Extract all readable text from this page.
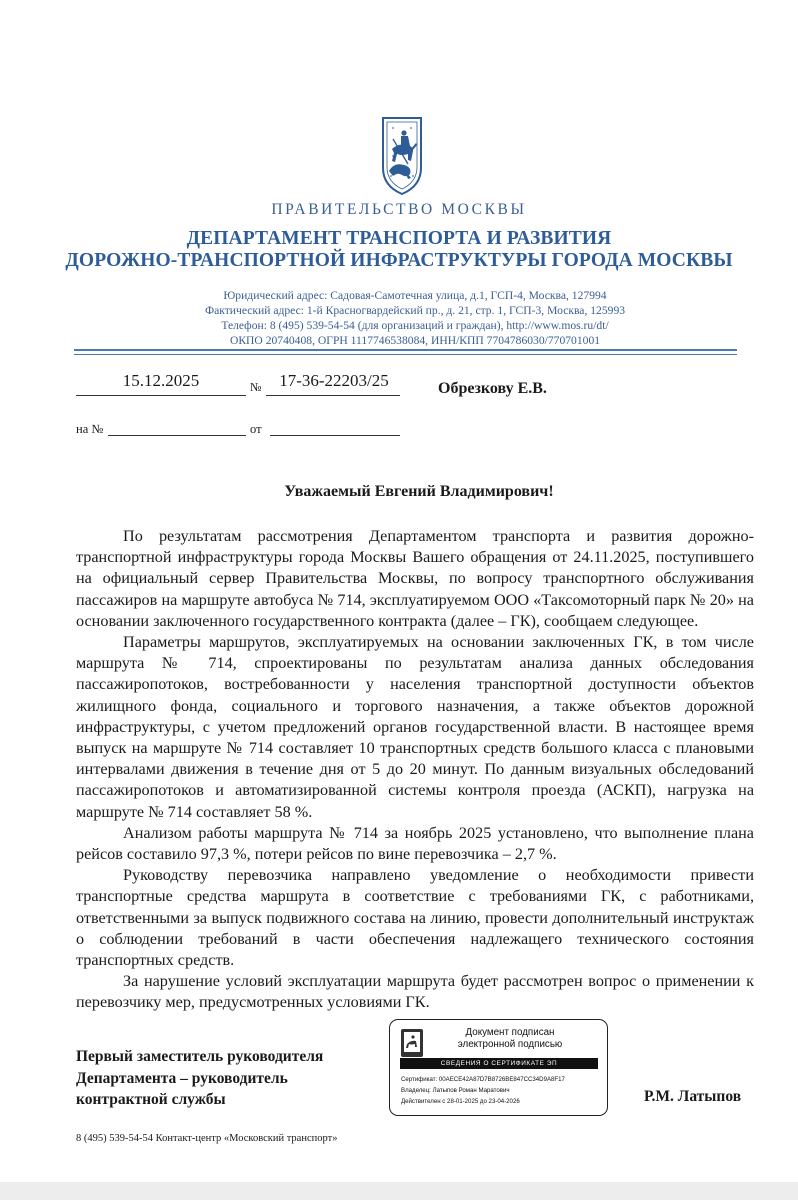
ПРАВИТЕЛЬСТВО МОСКВЫ
ДЕПАРТАМЕНТ ТРАНСПОРТА И РАЗВИТИЯ
ДОРОЖНО-ТРАНСПОРТНОЙ ИНФРАСТРУКТУРЫ ГОРОДА МОСКВЫ
Юридический адрес: Садовая-Самотечная улица, д.1, ГСП-4, Москва, 127994
Фактический адрес: 1-й Красногвардейский пр., д. 21, стр. 1, ГСП-3, Москва, 125993
Телефон: 8 (495) 539-54-54 (для организаций и граждан), http://www.mos.ru/dt/
ОКПО 20740408, ОГРН 1117746538084, ИНН/КПП 7704786030/770701001
15.12.2025	№	17-36-22203/25	Обрезкову Е.В.
на №	от
Уважаемый Евгений Владимирович!

По результатам рассмотрения Департаментом транспорта и развития дорожно-транспортной инфраструктуры города Москвы Вашего обращения от 24.11.2025, поступившего на официальный сервер Правительства Москвы, по вопросу транспортного обслуживания пассажиров на маршруте автобуса № 714, эксплуатируемом ООО «Таксомоторный парк № 20» на основании заключенного государственного контракта (далее – ГК), сообщаем следующее.

Параметры маршрутов, эксплуатируемых на основании заключенных ГК, в том числе маршрута № 714, спроектированы по результатам анализа данных обследования пассажиропотоков, востребованности у населения транспортной доступности объектов жилищного фонда, социального и торгового назначения, а также объектов дорожной инфраструктуры, с учетом предложений органов государственной власти. В настоящее время выпуск на маршруте № 714 составляет 10 транспортных средств большого класса с плановыми интервалами движения в течение дня от 5 до 20 минут. По данным визуальных обследований пассажиропотоков и автоматизированной системы контроля проезда (АСКП), нагрузка на маршруте № 714 составляет 58 %.

Анализом работы маршрута № 714 за ноябрь 2025 установлено, что выполнение плана рейсов составило 97,3 %, потери рейсов по вине перевозчика – 2,7 %.

Руководству перевозчика направлено уведомление о необходимости привести транспортные средства маршрута в соответствие с требованиями ГК, с работниками, ответственными за выпуск подвижного состава на линию, провести дополнительный инструктаж о соблюдении требований в части обеспечения надлежащего технического состояния транспортных средств.

За нарушение условий эксплуатации маршрута будет рассмотрен вопрос о применении к перевозчику мер, предусмотренных условиями ГК.

Первый заместитель руководителя
Департамента – руководитель
контрактной службы
Документ подписан
электронной подписью
СВЕДЕНИЯ О СЕРТИФИКАТЕ ЭП
Сертификат: 00AECE42A87D7B8726BE847CC34D9A8F17
Владелец: Латыпов Роман Маратович
Действителен с 28-01-2025 до 23-04-2026	Р.М. Латыпов
8 (495) 539-54-54 Контакт-центр «Московский транспорт»
